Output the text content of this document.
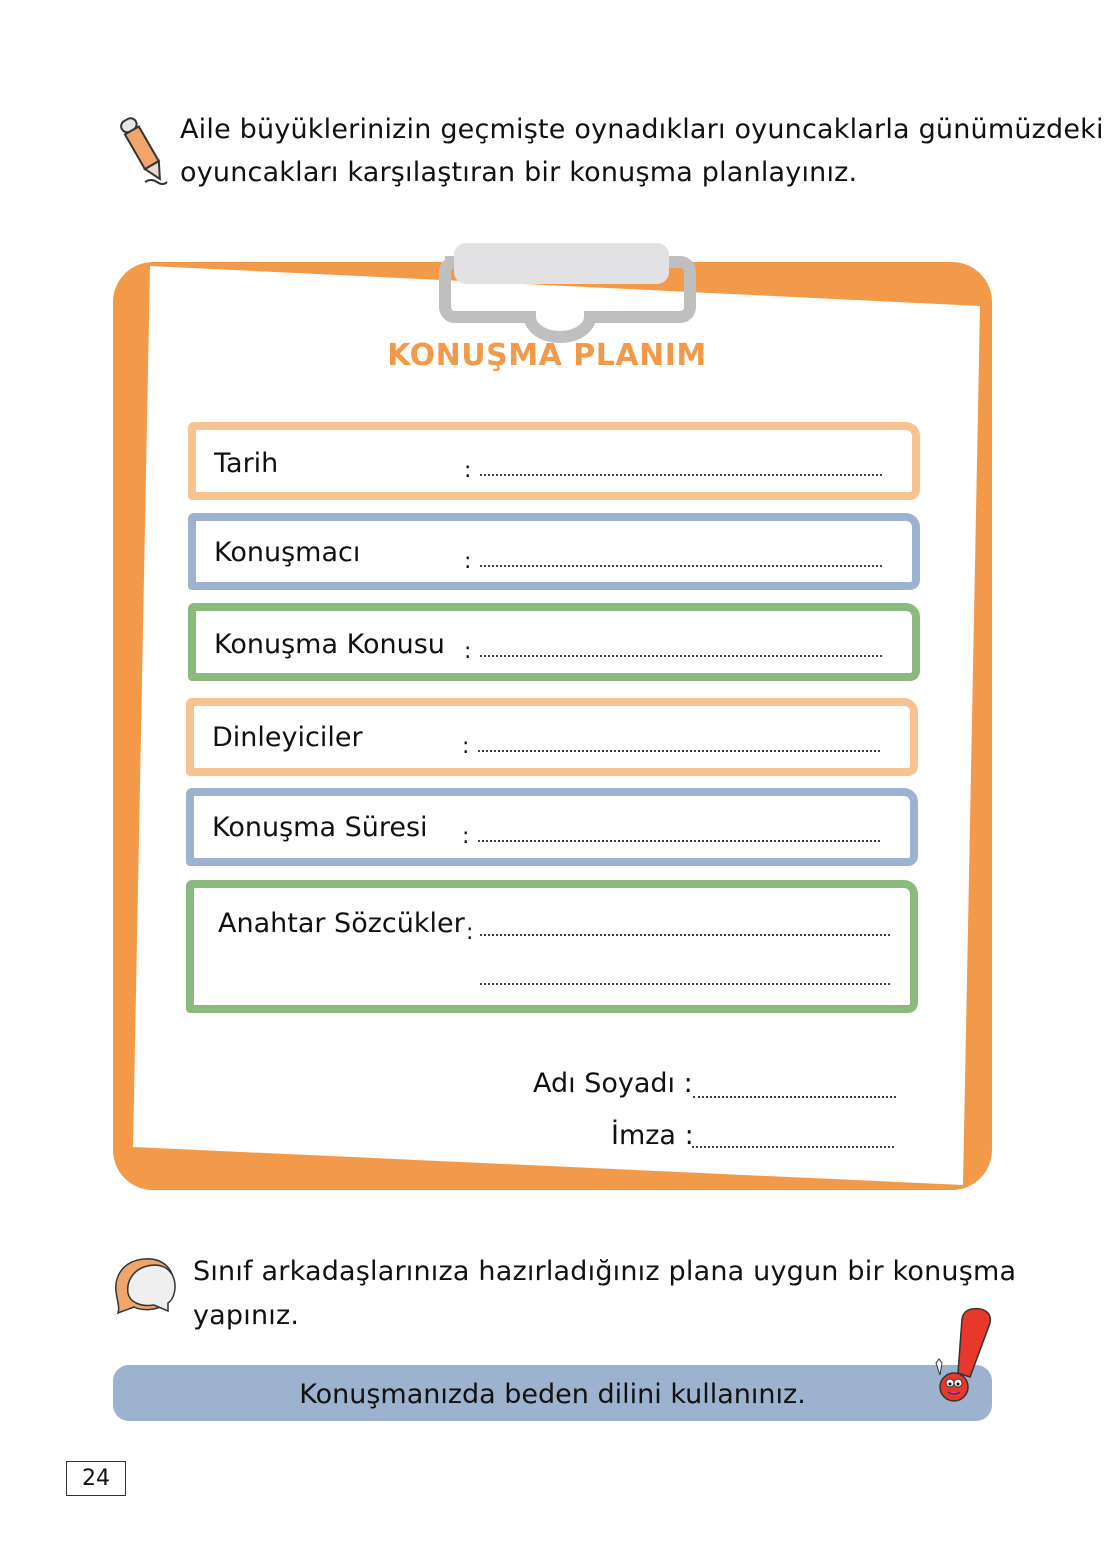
Aile büyüklerinizin geçmişte oynadıkları oyuncaklarla günümüzdeki
oyuncakları karşılaştıran bir konuşma planlayınız.
KONUŞMA PLANIM
Tarih	:
Konuşmacı	:
Konuşma Konusu :
Dinleyiciler	:
Konuşma Süresi :
Anahtar Sözcükler :
Adı Soyadı :
İmza :
Sınıf arkadaşlarınıza hazırladığınız plana uygun bir konuşma
yapınız.
Konuşmanızda beden dilini kullanınız.
24
